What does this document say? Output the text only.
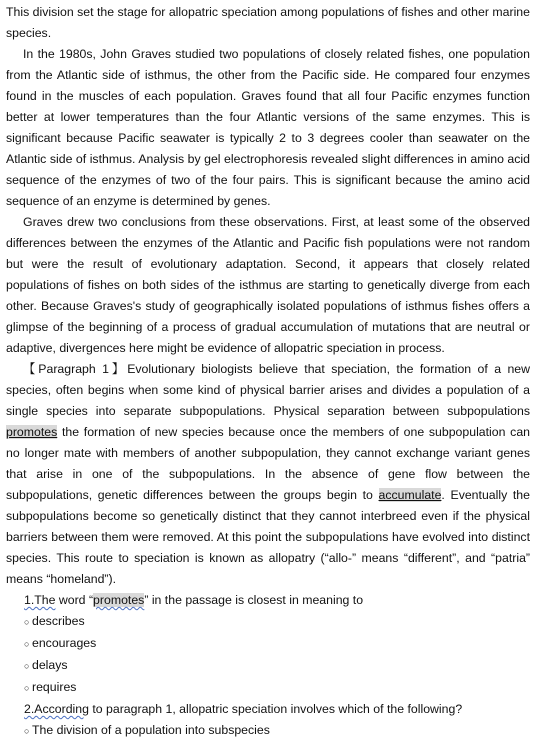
This division set the stage for allopatric speciation among populations of fishes and other marine species.

In the 1980s, John Graves studied two populations of closely related fishes, one population from the Atlantic side of isthmus, the other from the Pacific side. He compared four enzymes found in the muscles of each population. Graves found that all four Pacific enzymes function better at lower temperatures than the four Atlantic versions of the same enzymes. This is significant because Pacific seawater is typically 2 to 3 degrees cooler than seawater on the Atlantic side of isthmus. Analysis by gel electrophoresis revealed slight differences in amino acid sequence of the enzymes of two of the four pairs. This is significant because the amino acid sequence of an enzyme is determined by genes.

Graves drew two conclusions from these observations. First, at least some of the observed differences between the enzymes of the Atlantic and Pacific fish populations were not random but were the result of evolutionary adaptation. Second, it appears that closely related populations of fishes on both sides of the isthmus are starting to genetically diverge from each other. Because Graves's study of geographically isolated populations of isthmus fishes offers a glimpse of the beginning of a process of gradual accumulation of mutations that are neutral or adaptive, divergences here might be evidence of allopatric speciation in process.

【Paragraph 1】Evolutionary biologists believe that speciation, the formation of a new species, often begins when some kind of physical barrier arises and divides a population of a single species into separate subpopulations. Physical separation between subpopulations promotes the formation of new species because once the members of one subpopulation can no longer mate with members of another subpopulation, they cannot exchange variant genes that arise in one of the subpopulations. In the absence of gene flow between the subpopulations, genetic differences between the groups begin to accumulate. Eventually the subpopulations become so genetically distinct that they cannot interbreed even if the physical barriers between them were removed. At this point the subpopulations have evolved into distinct species. This route to speciation is known as allopatry (“allo-” means “different”, and “patria” means “homeland”).

1.The word “promotes” in the passage is closest in meaning to

○ describes

○ encourages

○ delays

○ requires

2.According to paragraph 1, allopatric speciation involves which of the following?

○ The division of a population into subspecies
